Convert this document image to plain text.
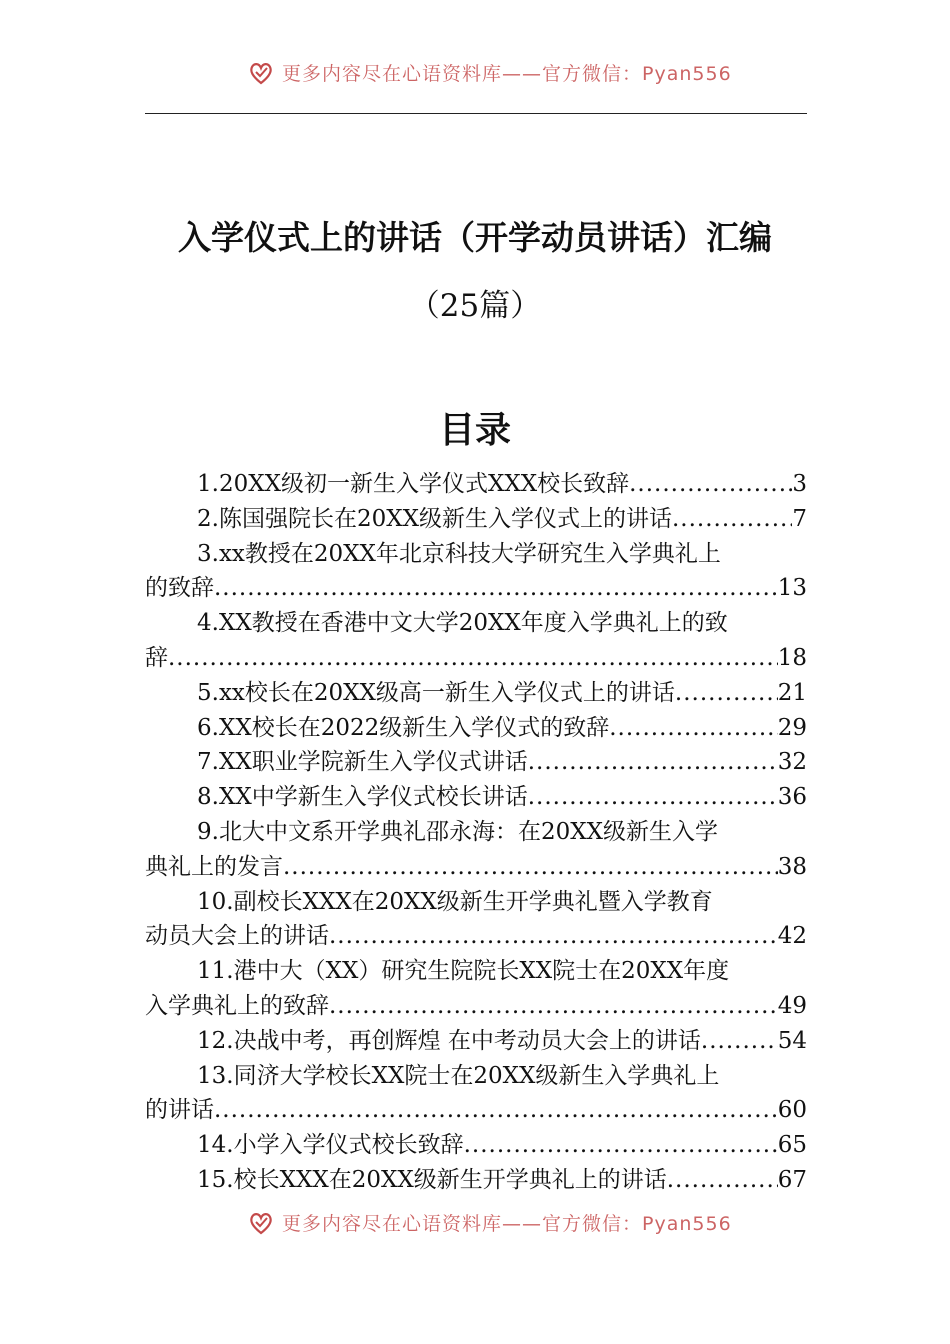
更多内容尽在心语资料库——官方微信：Pyan556
入学仪式上的讲话（开学动员讲话）汇编
（25篇）
目录
1.20XX级初一新生入学仪式XXX校长致辞 .....	3
2.陈国强院长在20XX级新生入学仪式上的讲话 .....	7
3.xx教授在20XX年北京科技大学研究生入学典礼上
的致辞 .....	13
4.XX教授在香港中文大学20XX年度入学典礼上的致
辞 .....	18
5.xx校长在20XX级高一新生入学仪式上的讲话 .....	21
6.XX校长在2022级新生入学仪式的致辞 .....	29
7.XX职业学院新生入学仪式讲话 .....	32
8.XX中学新生入学仪式校长讲话 .....	36
9.北大中文系开学典礼邵永海：在20XX级新生入学
典礼上的发言 .....	38
10.副校长XXX在20XX级新生开学典礼暨入学教育
动员大会上的讲话 .....	42
11.港中大（XX）研究生院院长XX院士在20XX年度
入学典礼上的致辞 .....	49
12.决战中考，再创辉煌 在中考动员大会上的讲话 .....	54
13.同济大学校长XX院士在20XX级新生入学典礼上
的讲话 .....	60
14.小学入学仪式校长致辞 .....	65
15.校长XXX在20XX级新生开学典礼上的讲话 .....	67
更多内容尽在心语资料库——官方微信：Pyan556
